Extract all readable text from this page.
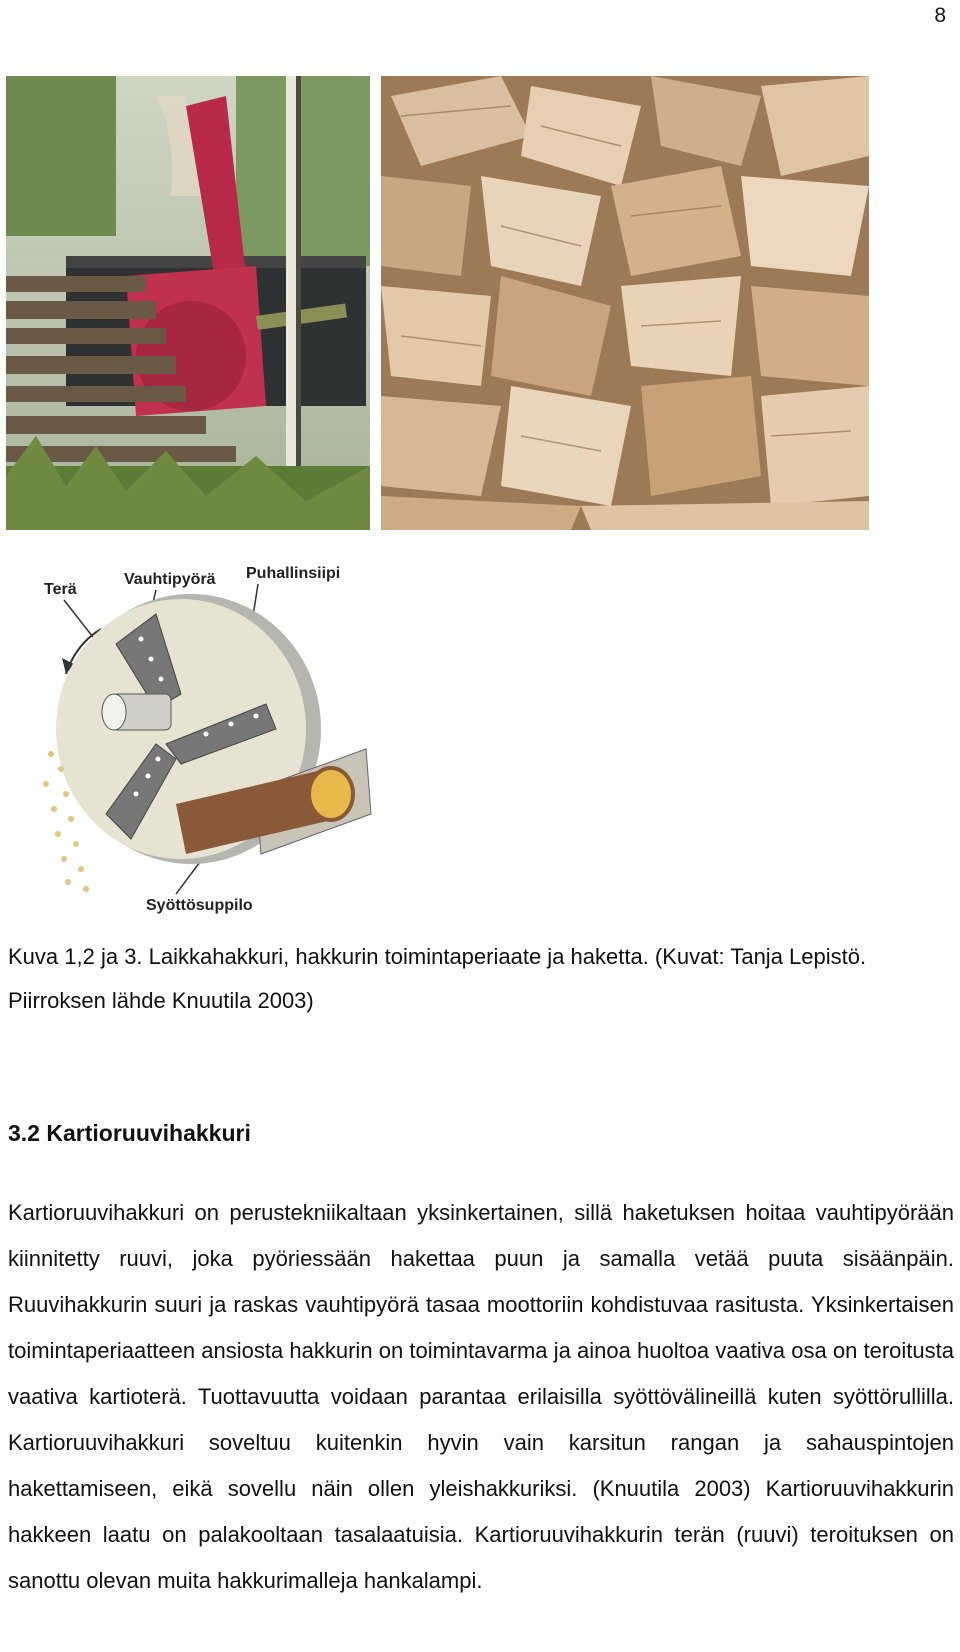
8
Terä
Vauhtipyörä Puhallinsiipi
Syöttösuppilo

Kuva 1,2 ja 3. Laikkahakkuri, hakkurin toimintaperiaate ja haketta. (Kuvat: Tanja Lepistö. Piirroksen lähde Knuutila 2003)

3.2 Kartioruuvihakkuri

Kartioruuvihakkuri on perustekniikaltaan yksinkertainen, sillä haketuksen hoitaa vauhtipyörään kiinnitetty ruuvi, joka pyöriessään hakettaa puun ja samalla vetää puuta sisäänpäin. Ruuvihakkurin suuri ja raskas vauhtipyörä tasaa moottoriin kohdistuvaa rasitusta. Yksinkertaisen toimintaperiaatteen ansiosta hakkurin on toimintavarma ja ainoa huoltoa vaativa osa on teroitusta vaativa kartioterä. Tuottavuutta voidaan parantaa erilaisilla syöttövälineillä kuten syöttörullilla. Kartioruuvihakkuri soveltuu kuitenkin hyvin vain karsitun rangan ja sahauspintojen hakettamiseen, eikä sovellu näin ollen yleishakkuriksi. (Knuutila 2003) Kartioruuvihakkurin hakkeen laatu on palakooltaan tasalaatuisia. Kartioruuvihakkurin terän (ruuvi) teroituksen on sanottu olevan muita hakkurimalleja hankalampi.
